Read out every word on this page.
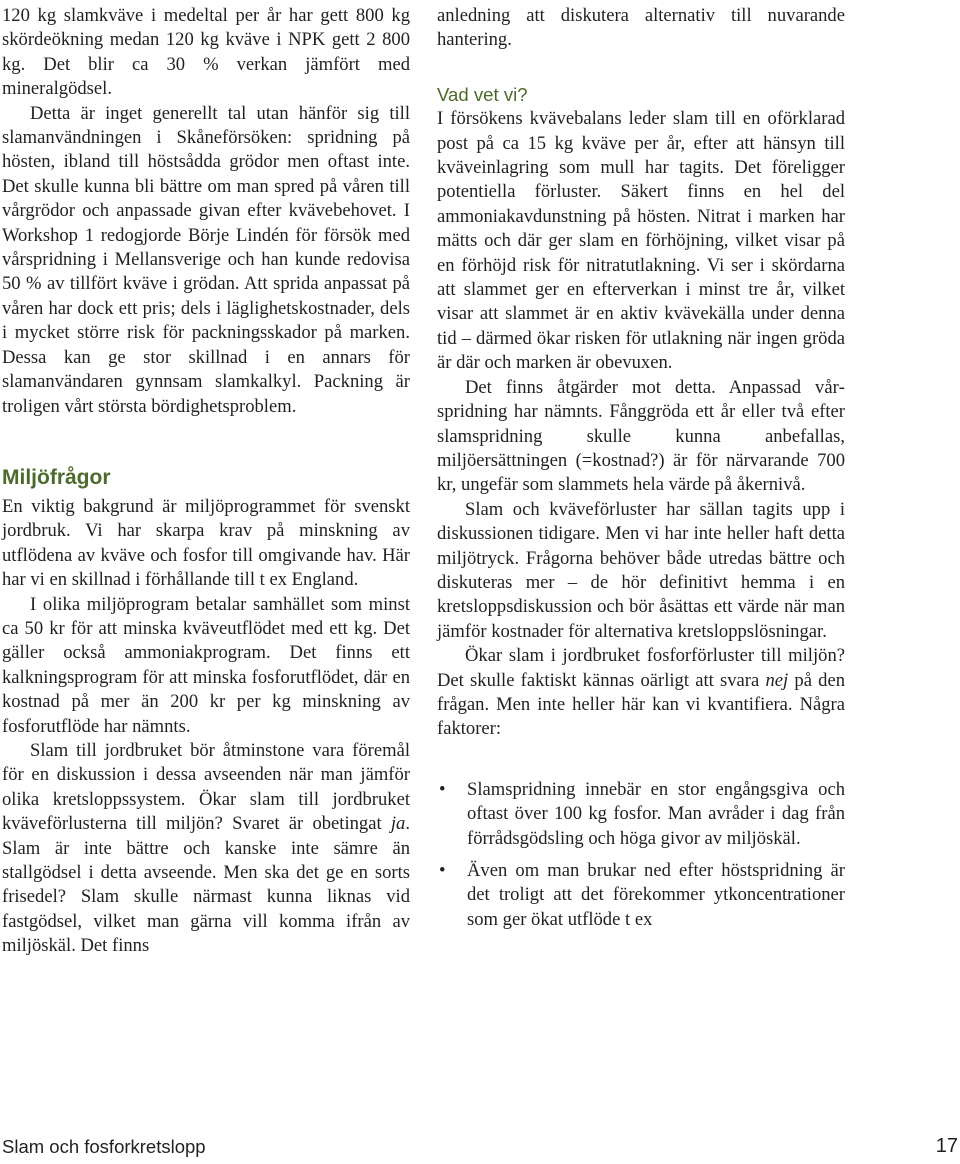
120 kg slamkväve i medeltal per år har gett 800 kg skördeökning medan 120 kg kväve i NPK gett 2 800 kg. Det blir ca 30 % verkan jämfört med mineralgödsel.

Detta är inget generellt tal utan hänför sig till slamanvändningen i Skåneförsöken: spridning på hösten, ibland till höstsådda grödor men oftast inte. Det skulle kunna bli bättre om man spred på våren till vårgrödor och anpassade givan efter kvävebehovet. I Workshop 1 redogjorde Börje Lindén för försök med vårspridning i Mellansverige och han kunde redovisa 50 % av tillfört kväve i grödan. Att sprida anpassat på våren har dock ett pris; dels i läglighetskostnader, dels i mycket större risk för packningsskador på marken. Dessa kan ge stor skillnad i en annars för slamanvändaren gynnsam slamkalkyl. Packning är troligen vårt största bördighetsproblem.

Miljöfrågor

En viktig bakgrund är miljöprogrammet för svenskt jordbruk. Vi har skarpa krav på minskning av utflödena av kväve och fosfor till omgivande hav. Här har vi en skillnad i förhållande till t ex England.

I olika miljöprogram betalar samhället som minst ca 50 kr för att minska kväveutflödet med ett kg. Det gäller också ammoniakprogram. Det finns ett kalkningsprogram för att minska fosforutflödet, där en kostnad på mer än 200 kr per kg minskning av fosforutflöde har nämnts.

Slam till jordbruket bör åtminstone vara föremål för en diskussion i dessa avseenden när man jämför olika kretsloppssystem. Ökar slam till jordbruket kväveförlusterna till miljön? Svaret är obetingat ja. Slam är inte bättre och kanske inte sämre än stallgödsel i detta avseende. Men ska det ge en sorts frisedel? Slam skulle närmast kunna liknas vid fastgödsel, vilket man gärna vill komma ifrån av miljöskäl. Det finns

anledning att diskutera alternativ till nuvarande hantering.

Vad vet vi?

I försökens kvävebalans leder slam till en oförklarad post på ca 15 kg kväve per år, efter att hänsyn till kväveinlagring som mull har tagits. Det föreligger potentiella förluster. Säkert finns en hel del ammoniakavdunstning på hösten. Nitrat i marken har mätts och där ger slam en förhöjning, vilket visar på en förhöjd risk för nitratutlakning. Vi ser i skördarna att slammet ger en efterverkan i minst tre år, vilket visar att slammet är en aktiv kvävekälla under denna tid – därmed ökar risken för utlakning när ingen gröda är där och marken är obevuxen.

Det finns åtgärder mot detta. Anpassad vårspridning har nämnts. Fånggröda ett år eller två efter slamspridning skulle kunna anbefallas, miljöersättningen (=kostnad?) är för närvarande 700 kr, ungefär som slammets hela värde på åkernivå.

Slam och kväveförluster har sällan tagits upp i diskussionen tidigare. Men vi har inte heller haft detta miljötryck. Frågorna behöver både utredas bättre och diskuteras mer – de hör definitivt hemma i en kretsloppsdiskussion och bör åsättas ett värde när man jämför kostnader för alternativa kretsloppslösningar.

Ökar slam i jordbruket fosforförluster till miljön? Det skulle faktiskt kännas oärligt att svara nej på den frågan. Men inte heller här kan vi kvantifiera. Några faktorer:

• Slamspridning innebär en stor engångsgiva och oftast över 100 kg fosfor. Man avråder i dag från förrådsgödsling och höga givor av miljöskäl.

• Även om man brukar ned efter höstspridning är det troligt att det förekommer ytkoncentrationer som ger ökat utflöde t ex

Slam och fosforkretslopp	17
